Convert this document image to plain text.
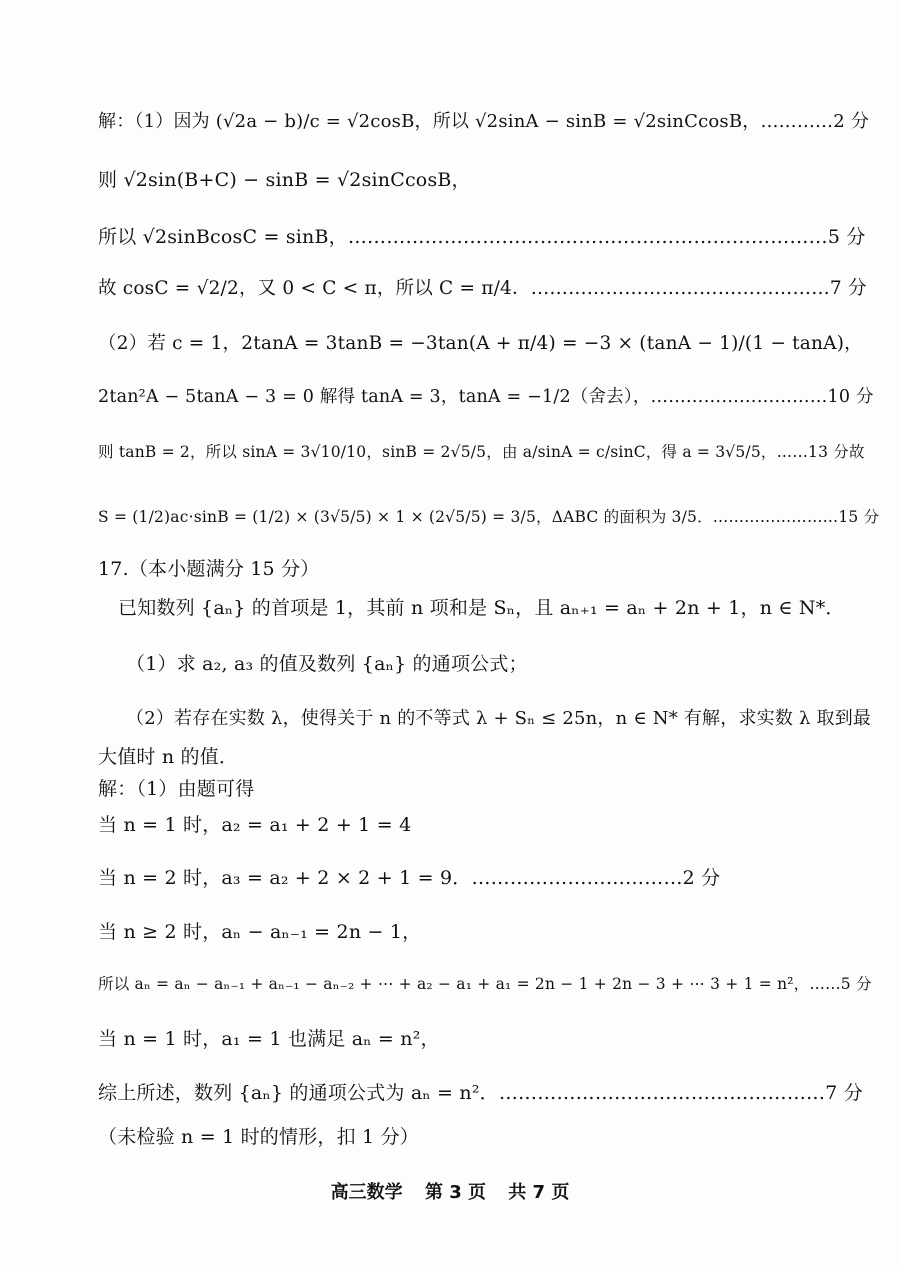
解：（1）因为 (√2a − b)/c = √2cosB，所以 √2sinA − sinB = √2sinCcosB，…………2 分
则 √2sin(B+C) − sinB = √2sinCcosB，
所以 √2sinBcosC = sinB，…………………………………………………………………5 分
故 cosC = √2/2，又 0 < C < π，所以 C = π/4．…………………………………………7 分
（2）若 c = 1，2tanA = 3tanB = −3tan(A + π/4) = −3 × (tanA − 1)/(1 − tanA)，
2tan²A − 5tanA − 3 = 0 解得 tanA = 3，tanA = −1/2（舍去），…………………………10 分
则 tanB = 2，所以 sinA = 3√10/10，sinB = 2√5/5，由 a/sinA = c/sinC，得 a = 3√5/5，……13 分故
S = (1/2)ac·sinB = (1/2) × (3√5/5) × 1 × (2√5/5) = 3/5，ΔABC 的面积为 3/5．……………………15 分
17.（本小题满分 15 分）
已知数列 {aₙ} 的首项是 1，其前 n 项和是 Sₙ，且 aₙ₊₁ = aₙ + 2n + 1，n ∈ N*．
（1）求 a₂, a₃ 的值及数列 {aₙ} 的通项公式；
（2）若存在实数 λ，使得关于 n 的不等式 λ + Sₙ ≤ 25n，n ∈ N* 有解，求实数 λ 取到最
大值时 n 的值．
解：（1）由题可得
当 n = 1 时，a₂ = a₁ + 2 + 1 = 4
当 n = 2 时，a₃ = a₂ + 2 × 2 + 1 = 9．……………………………2 分
当 n ≥ 2 时，aₙ − aₙ₋₁ = 2n − 1，
所以 aₙ = aₙ − aₙ₋₁ + aₙ₋₁ − aₙ₋₂ + ⋯ + a₂ − a₁ + a₁ = 2n − 1 + 2n − 3 + ⋯ 3 + 1 = n²，……5 分
当 n = 1 时，a₁ = 1 也满足 aₙ = n²，
综上所述，数列 {aₙ} 的通项公式为 aₙ = n²．……………………………………………7 分
（未检验 n = 1 时的情形，扣 1 分）
高三数学 第 3 页 共 7 页
